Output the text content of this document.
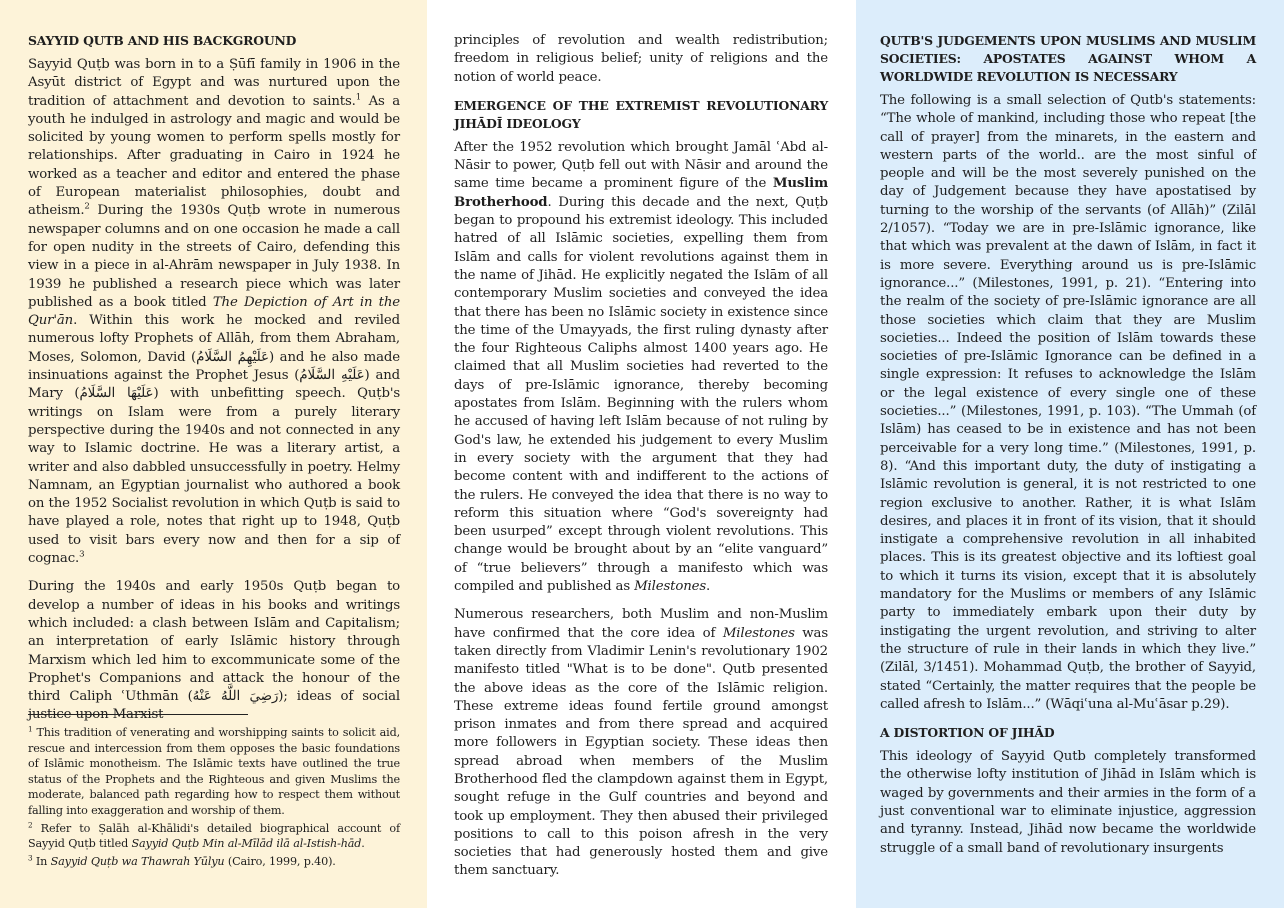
SAYYID QUTB AND HIS BACKGROUND

Sayyid Quṭb was born in to a Ṣūfī family in 1906 in the Asyūt district of Egypt and was nurtured upon the tradition of attachment and devotion to saints.$^1$ As a youth he indulged in astrology and magic and would be solicited by young women to perform spells mostly for relationships. After graduating in Cairo in 1924 he worked as a teacher and editor and entered the phase of European materialist philosophies, doubt and atheism.$^2$ During the 1930s Quṭb wrote in numerous newspaper columns and on one occasion he made a call for open nudity in the streets of Cairo, defending this view in a piece in al-Ahrām newspaper in July 1938. In 1939 he published a research piece which was later published as a book titled The Depiction of Art in the Qur'ān. Within this work he mocked and reviled numerous lofty Prophets of Allāh, from them Abraham, Moses, Solomon, David (عَلَيْهِمُ السَّلَامُ) and he also made insinuations against the Prophet Jesus (عَلَيْهِ السَّلَامُ) and Mary (عَلَيْهَا السَّلَامُ) with unbefitting speech. Quṭb's writings on Islam were from a purely literary perspective during the 1940s and not connected in any way to Islamic doctrine. He was a literary artist, a writer and also dabbled unsuccessfully in poetry. Helmy Namnam, an Egyptian journalist who authored a book on the 1952 Socialist revolution in which Quṭb is said to have played a role, notes that right up to 1948, Quṭb used to visit bars every now and then for a sip of cognac.$^3$

During the 1940s and early 1950s Quṭb began to develop a number of ideas in his books and writings which included: a clash between Islām and Capitalism; an interpretation of early Islāmic history through Marxism which led him to excommunicate some of the Prophet's Companions and attack the honour of the third Caliph ʿUthmān (رَضِيَ اللَّهُ عَنْهُ); ideas of social justice upon Marxist

$^1$ This tradition of venerating and worshipping saints to solicit aid, rescue and intercession from them opposes the basic foundations of Islāmic monotheism. The Islāmic texts have outlined the true status of the Prophets and the Righteous and given Muslims the moderate, balanced path regarding how to respect them without falling into exaggeration and worship of them.
$^2$ Refer to Ṣalāh al-Khālidi's detailed biographical account of Sayyid Quṭb titled Sayyid Quṭb Min al-Mīlād ilā al-Istish-hād.
$^3$ In Sayyid Quṭb wa Thawrah Yūlyu (Cairo, 1999, p.40).

principles of revolution and wealth redistribution; freedom in religious belief; unity of religions and the notion of world peace.

EMERGENCE OF THE EXTREMIST REVOLUTIONARY JIHĀDĪ IDEOLOGY

After the 1952 revolution which brought Jamāl ʿAbd al-Nāsir to power, Quṭb fell out with Nāsir and around the same time became a prominent figure of the Muslim Brotherhood. During this decade and the next, Quṭb began to propound his extremist ideology. This included hatred of all Islāmic societies, expelling them from Islām and calls for violent revolutions against them in the name of Jihād. He explicitly negated the Islām of all contemporary Muslim societies and conveyed the idea that there has been no Islāmic society in existence since the time of the Umayyads, the first ruling dynasty after the four Righteous Caliphs almost 1400 years ago. He claimed that all Muslim societies had reverted to the days of pre-Islāmic ignorance, thereby becoming apostates from Islām. Beginning with the rulers whom he accused of having left Islām because of not ruling by God's law, he extended his judgement to every Muslim in every society with the argument that they had become content with and indifferent to the actions of the rulers. He conveyed the idea that there is no way to reform this situation where “God's sovereignty had been usurped” except through violent revolutions. This change would be brought about by an “elite vanguard” of “true believers” through a manifesto which was compiled and published as Milestones.

Numerous researchers, both Muslim and non-Muslim have confirmed that the core idea of Milestones was taken directly from Vladimir Lenin's revolutionary 1902 manifesto titled "What is to be done". Qutb presented the above ideas as the core of the Islāmic religion. These extreme ideas found fertile ground amongst prison inmates and from there spread and acquired more followers in Egyptian society. These ideas then spread abroad when members of the Muslim Brotherhood fled the clampdown against them in Egypt, sought refuge in the Gulf countries and beyond and took up employment. They then abused their privileged positions to call to this poison afresh in the very societies that had generously hosted them and give them sanctuary.

QUTB'S JUDGEMENTS UPON MUSLIMS AND MUSLIM SOCIETIES: APOSTATES AGAINST WHOM A WORLDWIDE REVOLUTION IS NECESSARY

The following is a small selection of Qutb's statements: “The whole of mankind, including those who repeat [the call of prayer] from the minarets, in the eastern and western parts of the world.. are the most sinful of people and will be the most severely punished on the day of Judgement because they have apostatised by turning to the worship of the servants (of Allāh)” (Zilāl 2/1057). “Today we are in pre-Islāmic ignorance, like that which was prevalent at the dawn of Islām, in fact it is more severe. Everything around us is pre-Islāmic ignorance...” (Milestones, 1991, p. 21). “Entering into the realm of the society of pre-Islāmic ignorance are all those societies which claim that they are Muslim societies... Indeed the position of Islām towards these societies of pre-Islāmic Ignorance can be defined in a single expression: It refuses to acknowledge the Islām or the legal existence of every single one of these societies...” (Milestones, 1991, p. 103). “The Ummah (of Islām) has ceased to be in existence and has not been perceivable for a very long time.” (Milestones, 1991, p. 8). “And this important duty, the duty of instigating a Islāmic revolution is general, it is not restricted to one region exclusive to another. Rather, it is what Islām desires, and places it in front of its vision, that it should instigate a comprehensive revolution in all inhabited places. This is its greatest objective and its loftiest goal to which it turns its vision, except that it is absolutely mandatory for the Muslims or members of any Islāmic party to immediately embark upon their duty by instigating the urgent revolution, and striving to alter the structure of rule in their lands in which they live.” (Zilāl, 3/1451). Mohammad Quṭb, the brother of Sayyid, stated “Certainly, the matter requires that the people be called afresh to Islām...” (Wāqiʿuna al-Muʿāsar p.29).

A DISTORTION OF JIHĀD

This ideology of Sayyid Qutb completely transformed the otherwise lofty institution of Jihād in Islām which is waged by governments and their armies in the form of a just conventional war to eliminate injustice, aggression and tyranny. Instead, Jihād now became the worldwide struggle of a small band of revolutionary insurgents
